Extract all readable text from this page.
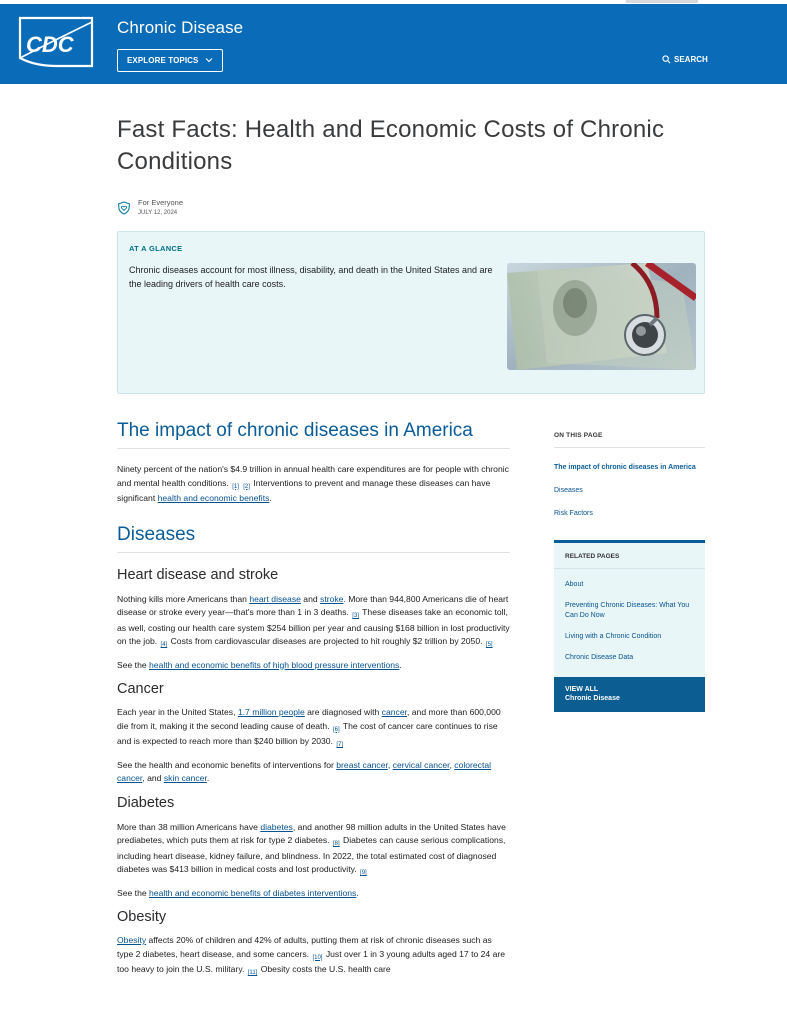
CDC
Chronic Disease
EXPLORE TOPICS	SEARCH
Fast Facts: Health and Economic Costs of Chronic Conditions
For Everyone
JULY 12, 2024
AT A GLANCE
Chronic diseases account for most illness, disability, and death in the United States and are the leading drivers of health care costs.
The impact of chronic diseases in America

Ninety percent of the nation's $4.9 trillion in annual health care expenditures are for people with chronic and mental health conditions. [1] [2] Interventions to prevent and manage these diseases can have significant health and economic benefits.

Diseases
Heart disease and stroke

Nothing kills more Americans than heart disease and stroke. More than 944,800 Americans die of heart disease or stroke every year—that's more than 1 in 3 deaths. [3] These diseases take an economic toll, as well, costing our health care system $254 billion per year and causing $168 billion in lost productivity on the job. [4] Costs from cardiovascular diseases are projected to hit roughly $2 trillion by 2050. [5]

See the health and economic benefits of high blood pressure interventions.

Cancer

Each year in the United States, 1.7 million people are diagnosed with cancer, and more than 600,000 die from it, making it the second leading cause of death. [6] The cost of cancer care continues to rise and is expected to reach more than $240 billion by 2030. [7]

See the health and economic benefits of interventions for breast cancer, cervical cancer, colorectal cancer, and skin cancer.

Diabetes

More than 38 million Americans have diabetes, and another 98 million adults in the United States have prediabetes, which puts them at risk for type 2 diabetes. [8] Diabetes can cause serious complications, including heart disease, kidney failure, and blindness. In 2022, the total estimated cost of diagnosed diabetes was $413 billion in medical costs and lost productivity. [9]

See the health and economic benefits of diabetes interventions.

Obesity

Obesity affects 20% of children and 42% of adults, putting them at risk of chronic diseases such as type 2 diabetes, heart disease, and some cancers. [10] Just over 1 in 3 young adults aged 17 to 24 are too heavy to join the U.S. military. [11] Obesity costs the U.S. health care

ON THIS PAGE
The impact of chronic diseases in America
Diseases
Risk Factors
RELATED PAGES
About
Preventing Chronic Diseases: What You Can Do Now
Living with a Chronic Condition
Chronic Disease Data
VIEW ALL
Chronic Disease
